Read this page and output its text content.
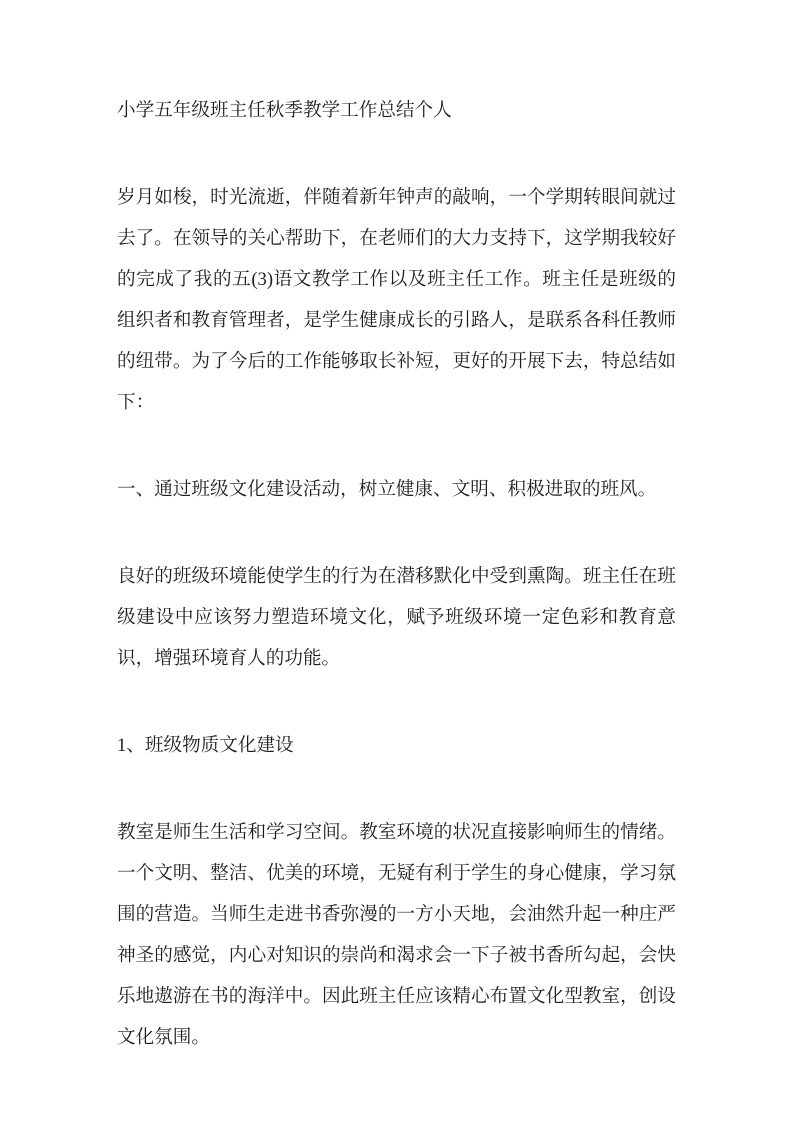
小学五年级班主任秋季教学工作总结个人

岁月如梭，时光流逝，伴随着新年钟声的敲响，一个学期转眼间就过去了。在领导的关心帮助下，在老师们的大力支持下，这学期我较好的完成了我的五(3)语文教学工作以及班主任工作。班主任是班级的组织者和教育管理者，是学生健康成长的引路人，是联系各科任教师的纽带。为了今后的工作能够取长补短，更好的开展下去，特总结如下：

一、通过班级文化建设活动，树立健康、文明、积极进取的班风。

良好的班级环境能使学生的行为在潜移默化中受到熏陶。班主任在班级建设中应该努力塑造环境文化，赋予班级环境一定色彩和教育意识，增强环境育人的功能。

1、班级物质文化建设

教室是师生生活和学习空间。教室环境的状况直接影响师生的情绪。一个文明、整洁、优美的环境，无疑有利于学生的身心健康，学习氛围的营造。当师生走进书香弥漫的一方小天地，会油然升起一种庄严神圣的感觉，内心对知识的崇尚和渴求会一下子被书香所勾起，会快乐地遨游在书的海洋中。因此班主任应该精心布置文化型教室，创设文化氛围。
